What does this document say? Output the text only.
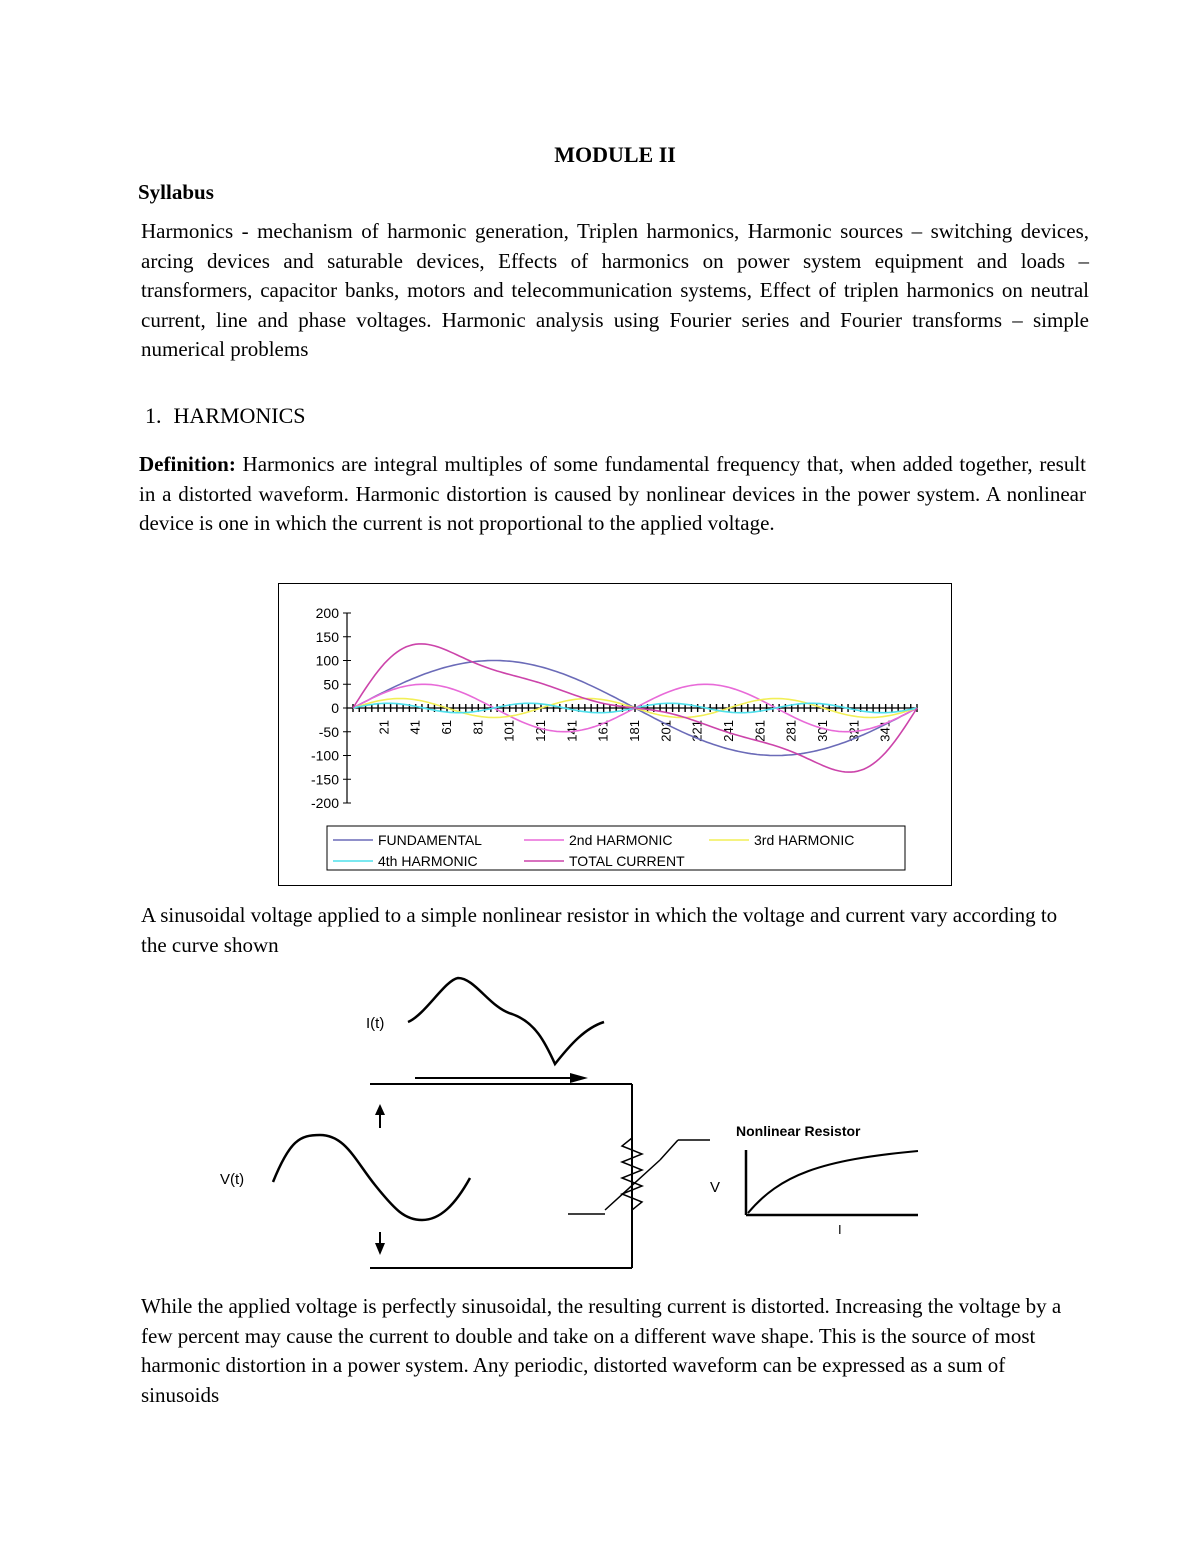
MODULE II
Syllabus
Harmonics - mechanism of harmonic generation, Triplen harmonics, Harmonic sources – switching devices, arcing devices and saturable devices, Effects of harmonics on power system equipment and loads – transformers, capacitor banks, motors and telecommunication systems, Effect of triplen harmonics on neutral current, line and phase voltages. Harmonic analysis using Fourier series and Fourier transforms – simple numerical problems
1. HARMONICS
Definition: Harmonics are integral multiples of some fundamental frequency that, when added together, result in a distorted waveform. Harmonic distortion is caused by nonlinear devices in the power system. A nonlinear device is one in which the current is not proportional to the applied voltage.
200
150
100
50
0
-50
-100
-150
-200
21 41 61 81 101 121 141 161 181 201 221 241 261 281 301 321 341
FUNDAMENTAL	2nd HARMONIC	3rd HARMONIC
4th HARMONIC	TOTAL CURRENT
A sinusoidal voltage applied to a simple nonlinear resistor in which the voltage and current vary according to the curve shown
I(t)
V(t)
Nonlinear Resistor
V
I
While the applied voltage is perfectly sinusoidal, the resulting current is distorted. Increasing the voltage by a few percent may cause the current to double and take on a different wave shape. This is the source of most harmonic distortion in a power system. Any periodic, distorted waveform can be expressed as a sum of sinusoids
